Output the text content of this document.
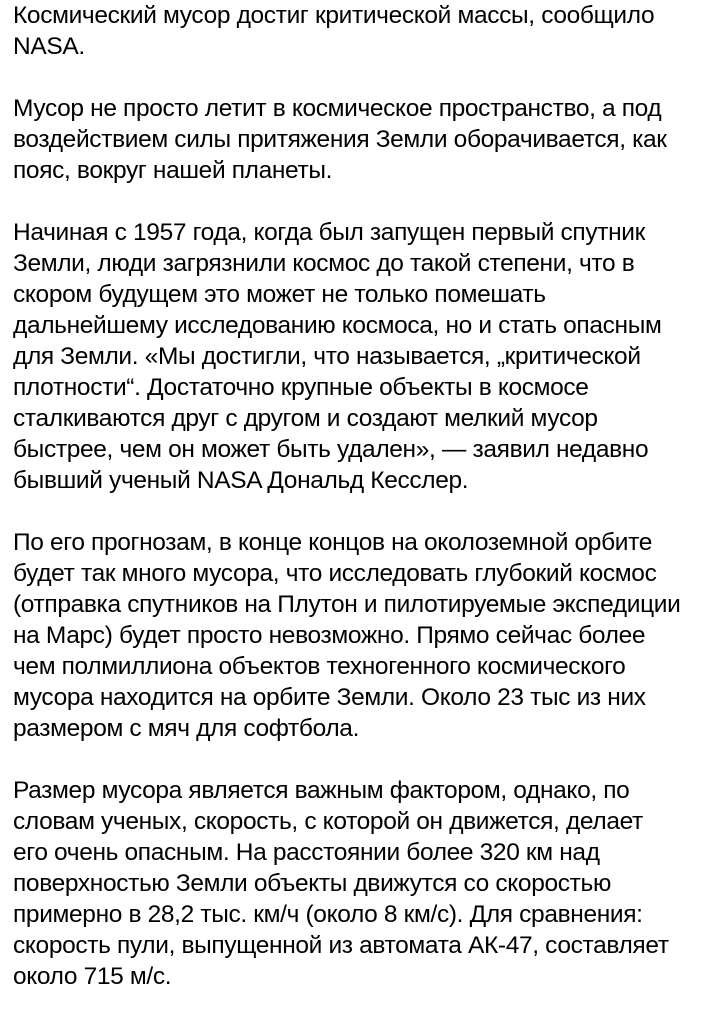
Космический мусор достиг критической массы, сообщило
NASA.
Мусор не просто летит в космическое пространство, а под
воздействием силы притяжения Земли оборачивается, как
пояс, вокруг нашей планеты.
Начиная с 1957 года, когда был запущен первый спутник
Земли, люди загрязнили космос до такой степени, что в
скором будущем это может не только помешать
дальнейшему исследованию космоса, но и стать опасным
для Земли. «Мы достигли, что называется, „критической
плотности“. Достаточно крупные объекты в космосе
сталкиваются друг с другом и создают мелкий мусор
быстрее, чем он может быть удален», — заявил недавно
бывший ученый NASA Дональд Кесслер.
По его прогнозам, в конце концов на околоземной орбите
будет так много мусора, что исследовать глубокий космос
(отправка спутников на Плутон и пилотируемые экспедиции
на Марс) будет просто невозможно. Прямо сейчас более
чем полмиллиона объектов техногенного космического
мусора находится на орбите Земли. Около 23 тыс из них
размером с мяч для софтбола.
Размер мусора является важным фактором, однако, по
словам ученых, скорость, с которой он движется, делает
его очень опасным. На расстоянии более 320 км над
поверхностью Земли объекты движутся со скоростью
примерно в 28,2 тыс. км/ч (около 8 км/с). Для сравнения:
скорость пули, выпущенной из автомата АК-47, составляет
около 715 м/с.
